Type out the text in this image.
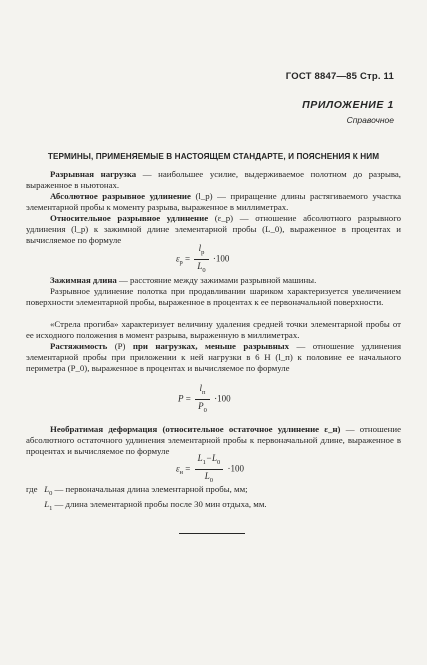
ГОСТ 8847—85 Стр. 11
ПРИЛОЖЕНИЕ 1
Справочное
ТЕРМИНЫ, ПРИМЕНЯЕМЫЕ В НАСТОЯЩЕМ СТАНДАРТЕ, И ПОЯСНЕНИЯ К НИМ
Разрывная нагрузка — наибольшее усилие, выдерживаемое полотном до разрыва, выраженное в ньютонах.
Абсолютное разрывное удлинение (l_p) — приращение длины растягиваемого участка элементарной пробы к моменту разрыва, выраженное в миллиметрах.
Относительное разрывное удлинение (ε_p) — отношение абсолютного разрывного удлинения (l_p) к зажимной длине элементарной пробы (L_0), выраженное в процентах и вычисляемое по формуле
$\varepsilon_р = \frac{l_p}{L_0} \cdot 100$
Зажимная длина — расстояние между зажимами разрывной машины.
Разрывное удлинение полотка при продавливании шариком характеризуется увеличением поверхности элементарной пробы, выраженное в процентах к ее первоначальной поверхности.
«Стрела прогиба» характеризует величину удаления средней точки элементарной пробы от ее исходного положения в момент разрыва, выраженную в миллиметрах.
Растяжимость (P) при нагрузках, меньше разрывных — отношение удлинения элементарной пробы при приложении к ней нагрузки в 6 Н (l_п) к половине ее начального периметра (P_0), выраженное в процентах и вычисляемое по формуле
$P = \frac{l_п}{P_0} \cdot 100$
Необратимая деформация (относительное остаточное удлинение ε_н) — отношение абсолютного остаточного удлинения элементарной пробы к первоначальной длине, выраженное в процентах и вычисляемое по формуле
$\varepsilon_н = \frac{L_1-L_0}{L_0} \cdot 100$
где $L_0$ — первоначальная длина элементарной пробы, мм;
$L_1$ — длина элементарной пробы после 30 мин отдыха, мм.
